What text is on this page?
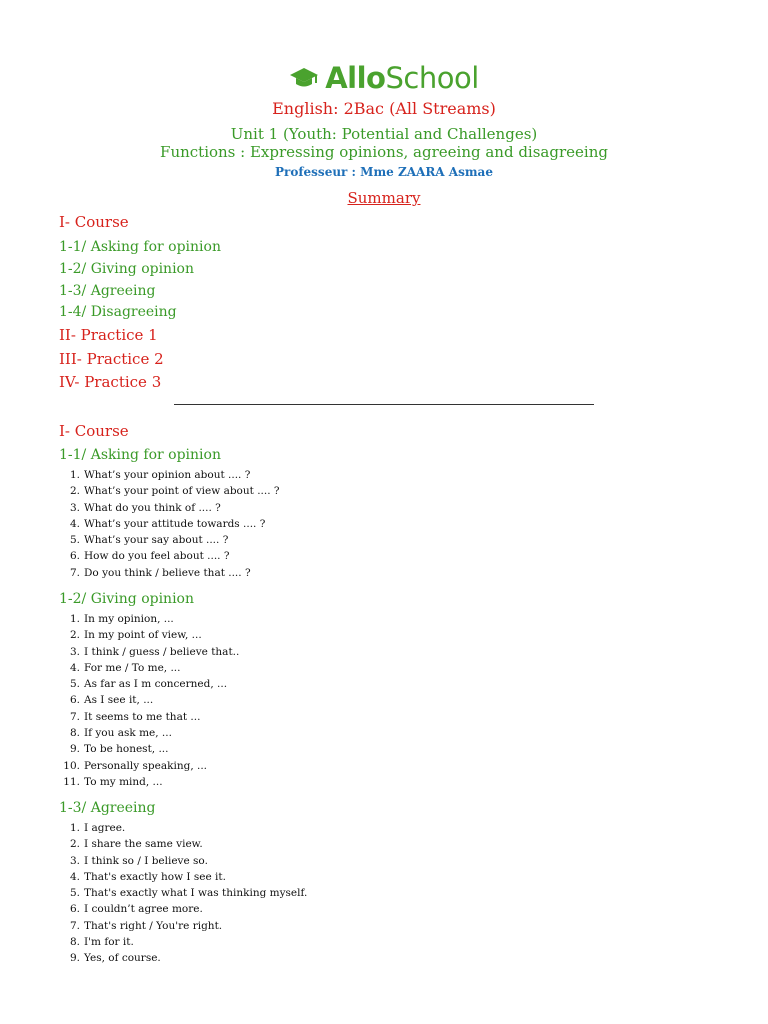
AlloSchool
English: 2Bac (All Streams)
Unit 1 (Youth: Potential and Challenges)
Functions : Expressing opinions, agreeing and disagreeing
Professeur : Mme ZAARA Asmae
Summary
I- Course
1-1/ Asking for opinion
1-2/ Giving opinion
1-3/ Agreeing
1-4/ Disagreeing
II- Practice 1
III- Practice 2
IV- Practice 3
I- Course
1-1/ Asking for opinion
1. What’s your opinion about .... ?
2. What’s your point of view about .... ?
3. What do you think of .... ?
4. What’s your attitude towards .... ?
5. What’s your say about .... ?
6. How do you feel about .... ?
7. Do you think / believe that .... ?
1-2/ Giving opinion
1. In my opinion, ...
2. In my point of view, ...
3. I think / guess / believe that..
4. For me / To me, ...
5. As far as I m concerned, ...
6. As I see it, ...
7. It seems to me that ...
8. If you ask me, ...
9. To be honest, ...
10. Personally speaking, ...
11. To my mind, ...
1-3/ Agreeing
1. I agree.
2. I share the same view.
3. I think so / I believe so.
4. That's exactly how I see it.
5. That's exactly what I was thinking myself.
6. I couldn’t agree more.
7. That's right / You're right.
8. I'm for it.
9. Yes, of course.
